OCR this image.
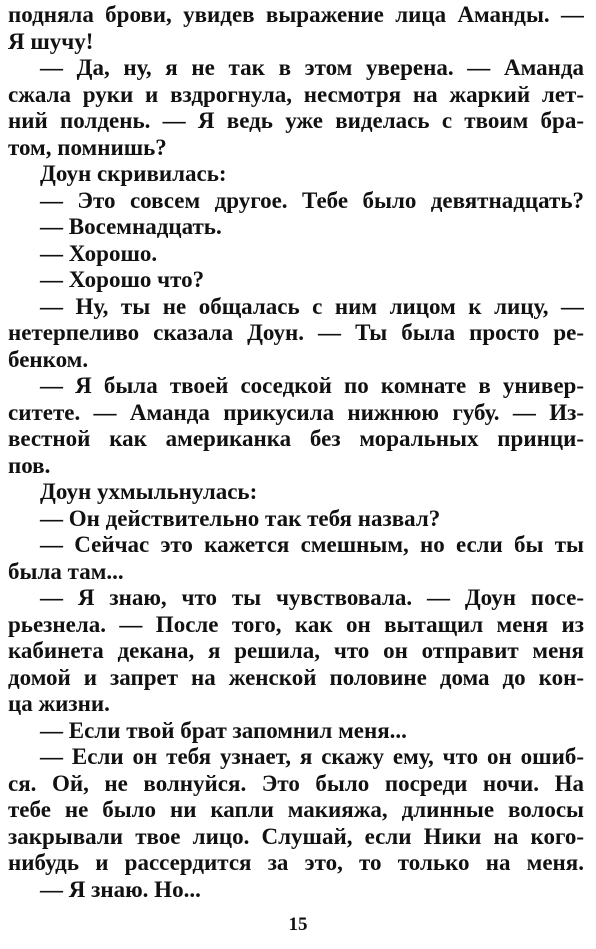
подняла брови, увидев выражение лица Аманды. —
Я шучу!
— Да, ну, я не так в этом уверена. — Аманда
сжала руки и вздрогнула, несмотря на жаркий лет-
ний полдень. — Я ведь уже виделась с твоим бра-
том, помнишь?
Доун скривилась:
— Это совсем другое. Тебе было девятнадцать?
— Восемнадцать.
— Хорошо.
— Хорошо что?
— Ну, ты не общалась с ним лицом к лицу, —
нетерпеливо сказала Доун. — Ты была просто ре-
бенком.
— Я была твоей соседкой по комнате в универ-
ситете. — Аманда прикусила нижнюю губу. — Из-
вестной как американка без моральных принци-
пов.
Доун ухмыльнулась:
— Он действительно так тебя назвал?
— Сейчас это кажется смешным, но если бы ты
была там...
— Я знаю, что ты чувствовала. — Доун посе-
рьезнела. — После того, как он вытащил меня из
кабинета декана, я решила, что он отправит меня
домой и запрет на женской половине дома до кон-
ца жизни.
— Если твой брат запомнил меня...
— Если он тебя узнает, я скажу ему, что он ошиб-
ся. Ой, не волнуйся. Это было посреди ночи. На
тебе не было ни капли макияжа, длинные волосы
закрывали твое лицо. Слушай, если Ники на кого-
нибудь и рассердится за это, то только на меня.
— Я знаю. Но...
15
